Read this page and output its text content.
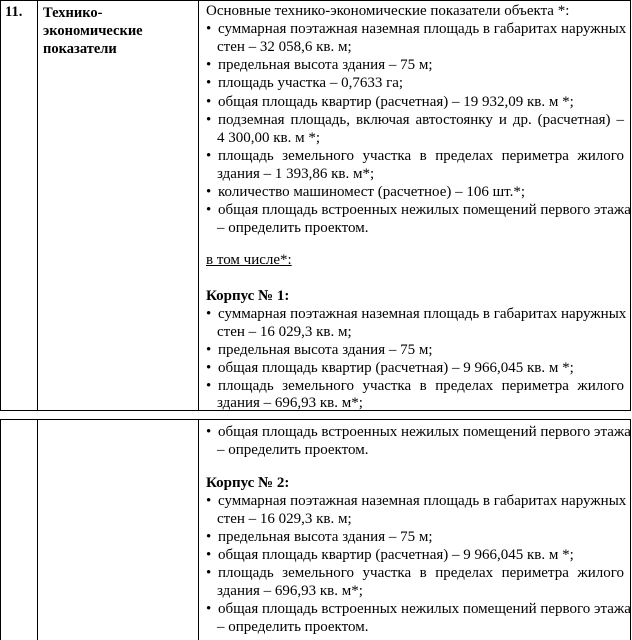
11. Технико-
экономические
показатели
Основные технико-экономические показатели объекта *:
• суммарная поэтажная наземная площадь в габаритах наружных
стен – 32 058,6 кв. м;
• предельная высота здания – 75 м;
• площадь участка – 0,7633 га;
• общая площадь квартир (расчетная) – 19 932,09 кв. м *;
• подземная площадь, включая автостоянку и др. (расчетная) –
4 300,00 кв. м *;
• площадь земельного участка в пределах периметра жилого
здания – 1 393,86 кв. м*;
• количество машиномест (расчетное) – 106 шт.*;
• общая площадь встроенных нежилых помещений первого этажа
– определить проектом.
в том числе*:
Корпус № 1:
• суммарная поэтажная наземная площадь в габаритах наружных
стен – 16 029,3 кв. м;
• предельная высота здания – 75 м;
• общая площадь квартир (расчетная) – 9 966,045 кв. м *;
• площадь земельного участка в пределах периметра жилого
здания – 696,93 кв. м*;
• общая площадь встроенных нежилых помещений первого этажа
– определить проектом.
Корпус № 2:
• суммарная поэтажная наземная площадь в габаритах наружных
стен – 16 029,3 кв. м;
• предельная высота здания – 75 м;
• общая площадь квартир (расчетная) – 9 966,045 кв. м *;
• площадь земельного участка в пределах периметра жилого
здания – 696,93 кв. м*;
• общая площадь встроенных нежилых помещений первого этажа
– определить проектом.
